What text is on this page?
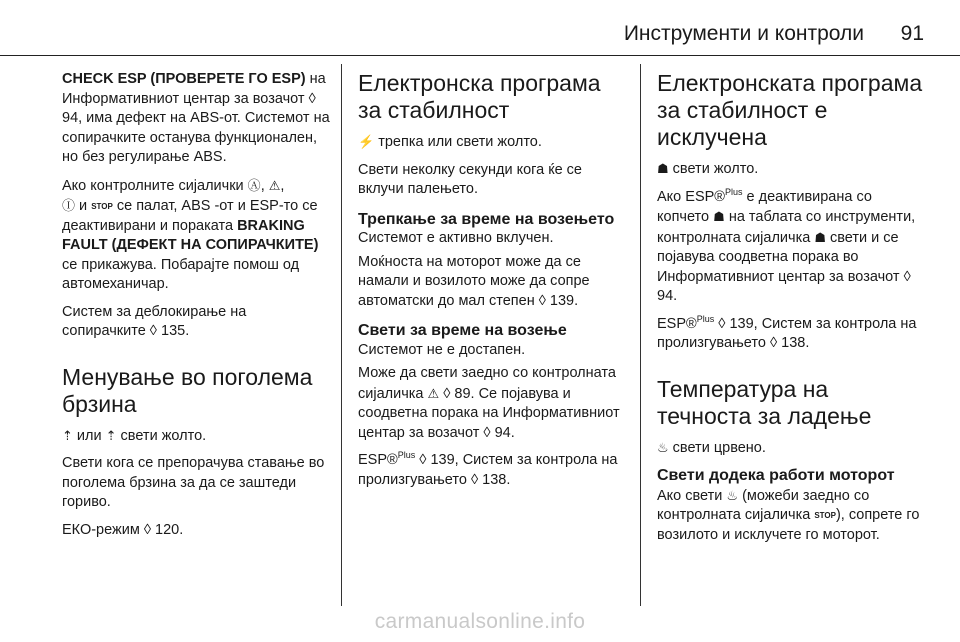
Инструменти и контроли 91

CHECK ESP (ПРОВЕРЕТЕ ГО ESP) на Информативниот центар за возачот ◊ 94, има дефект на ABS-от. Системот на сопирачките останува функционален, но без регулирање ABS.

Ако контролните сијалички Ⓐ, ⚠,
Ⓘ и STOP се палат, ABS -от и ESP-то се деактивирани и пораката BRAKING FAULT (ДЕФЕКТ НА СОПИРАЧКИТЕ) се прикажува. Побарајте помош од автомеханичар.

Систем за деблокирање на сопирачките ◊ 135.

Менување во поголема брзина

⇡ или ⇡ свети жолто.

Свети кога се препорачува ставање во поголема брзина за да се заштеди гориво.

ЕКО-режим ◊ 120.

Електронска програма за стабилност

⚡ трепка или свети жолто.

Свети неколку секунди кога ќе се вклучи палењето.

Трепкање за време на возењето

Системот е активно вклучен.

Моќноста на моторот може да се намали и возилото може да сопре автоматски до мал степен ◊ 139.

Свети за време на возење

Системот не е достапен.

Може да свети заедно со контролната сијаличка ⚠ ◊ 89. Се појавува и соодветна порака на Информативниот центар за возачот ◊ 94.

ESP®$^{Plus}$ ◊ 139, Систем за контрола на пролизгувањето ◊ 138.

Електронската програма за стабилност е исклучена

☗ свети жолто.

Ако ESP®$^{Plus}$ е деактивирана со копчето ☗ на таблата со инструменти, контролната сијаличка ☗ свети и се појавува соодветна порака во Информативниот центар за возачот ◊ 94.

ESP®$^{Plus}$ ◊ 139, Систем за контрола на пролизгувањето ◊ 138.

Температура на течноста за ладење

♨ свети црвено.

Свети додека работи моторот

Ако свети ♨ (можеби заедно со контролната сијаличка STOP), сопрете го возилото и исклучете го моторот.

carmanualsonline.info
